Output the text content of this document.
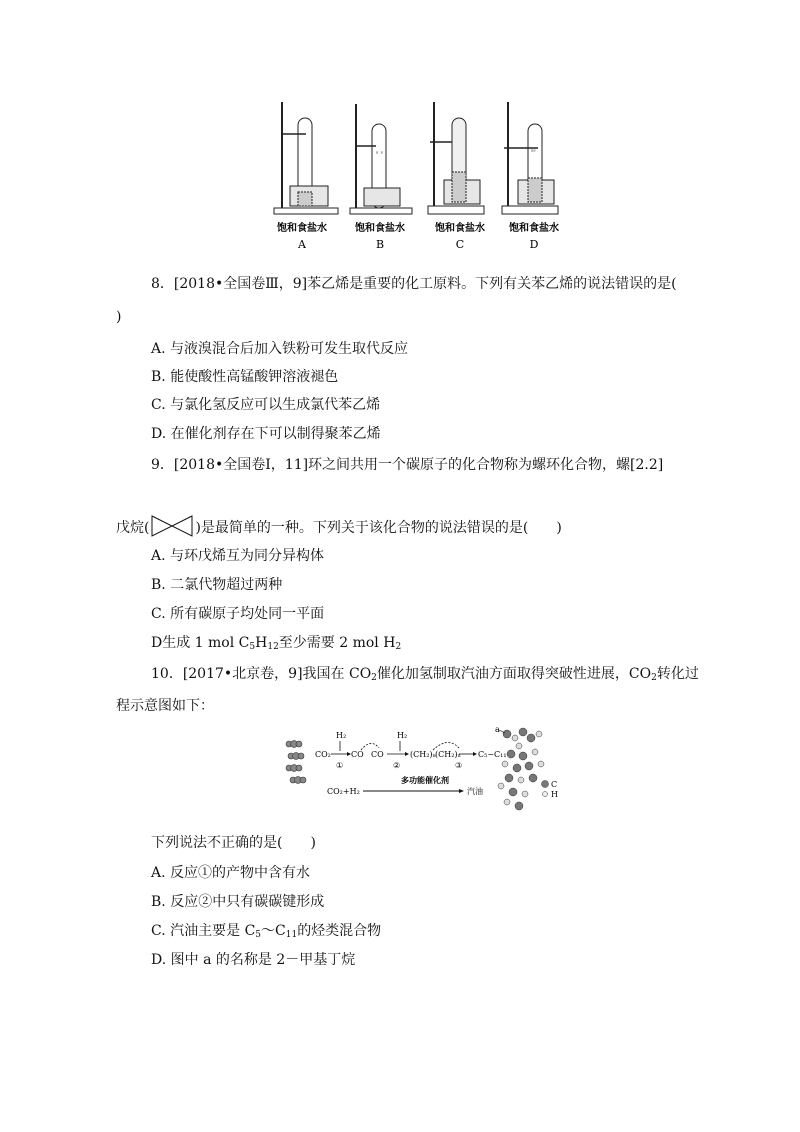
饱和食盐水
A
ˢ ˢ
饱和食盐水
B
饱和食盐水
C
ˢˢ
饱和食盐水
D
8．[2018•全国卷Ⅲ，9]苯乙烯是重要的化工原料。下列有关苯乙烯的说法错误的是(
)
A. 与液溴混合后加入铁粉可发生取代反应
B. 能使酸性高锰酸钾溶液褪色
C. 与氯化氢反应可以生成氯代苯乙烯
D. 在催化剂存在下可以制得聚苯乙烯
9．[2018•全国卷Ⅰ，11]环之间共用一个碳原子的化合物称为螺环化合物，螺[2.2]
戊烷(	)是最简单的一种。下列关于该化合物的说法错误的是(　　)
A. 与环戊烯互为同分异构体
B. 二氯代物超过两种
C. 所有碳原子均处同一平面
D生成 1 mol $C_5H_{12}$至少需要 2 mol $H_2$
10．[2017•北京卷，9]我国在 $CO_2$催化加氢制取汽油方面取得突破性进展，$CO_2$转化过
程示意图如下：
CO₂
H₂
CO
①
CO
H₂
(CH₂)ₙ
②
(CH₂)ₙ
③
C₅~C₁₁
CO₂+H₂
多功能催化剂
汽油
a
C
H
下列说法不正确的是(　　)
A. 反应①的产物中含有水
B. 反应②中只有碳碳键形成
C. 汽油主要是 $C_5\sim C_{11}$的烃类混合物
D. 图中 a 的名称是 2－甲基丁烷
